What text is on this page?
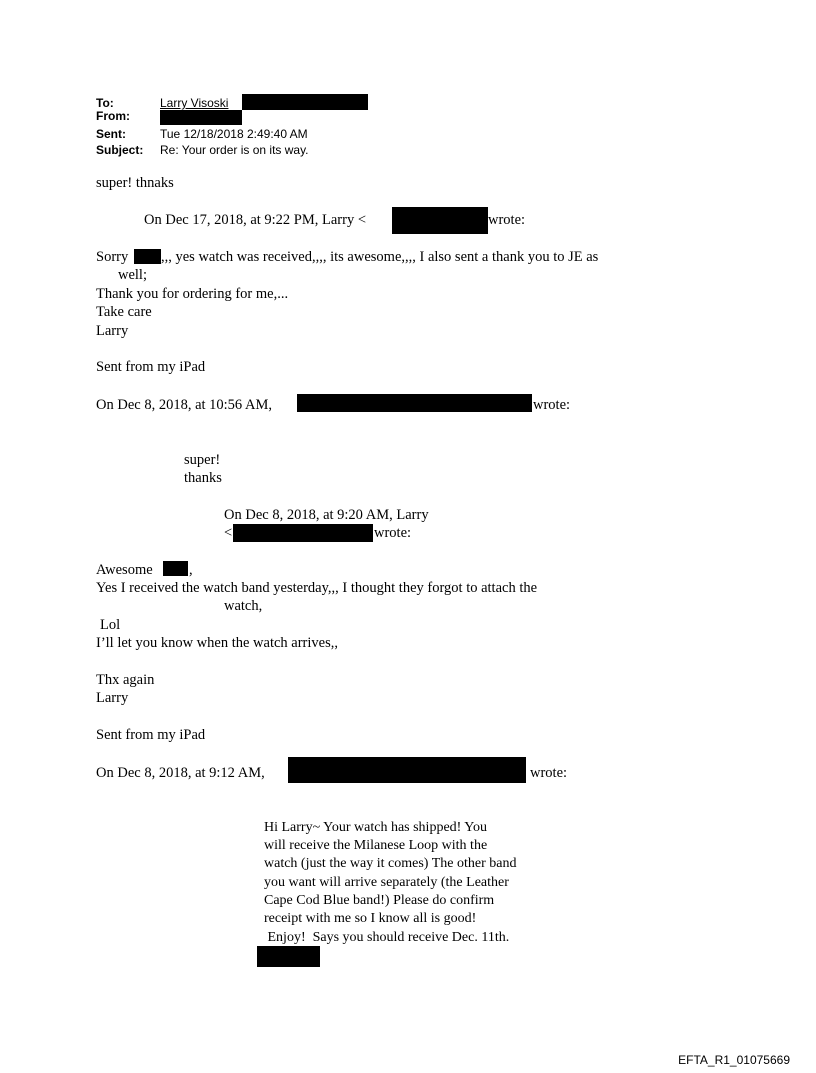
To:	Larry Visoski
From:
Sent:	Tue 12/18/2018 2:49:40 AM
Subject: Re: Your order is on its way.
super! thnaks
On Dec 17, 2018, at 9:22 PM, Larry <	wrote:
Sorry ,,, yes watch was received,,,, its awesome,,,, I also sent a thank you to JE as
well;
Thank you for ordering for me,...
Take care
Larry
Sent from my iPad
On Dec 8, 2018, at 10:56 AM,	wrote:
super!
thanks
On Dec 8, 2018, at 9:20 AM, Larry
<	wrote:
Awesome	,
Yes I received the watch band yesterday,,, I thought they forgot to attach the
watch,
Lol
I’ll let you know when the watch arrives,,
Thx again
Larry
Sent from my iPad
On Dec 8, 2018, at 9:12 AM,	wrote:
Hi Larry~ Your watch has shipped! You
will receive the Milanese Loop with the
watch (just the way it comes) The other band
you want will arrive separately (the Leather
Cape Cod Blue band!) Please do confirm
receipt with me so I know all is good!
Enjoy!  Says you should receive Dec. 11th.
EFTA_R1_01075669
